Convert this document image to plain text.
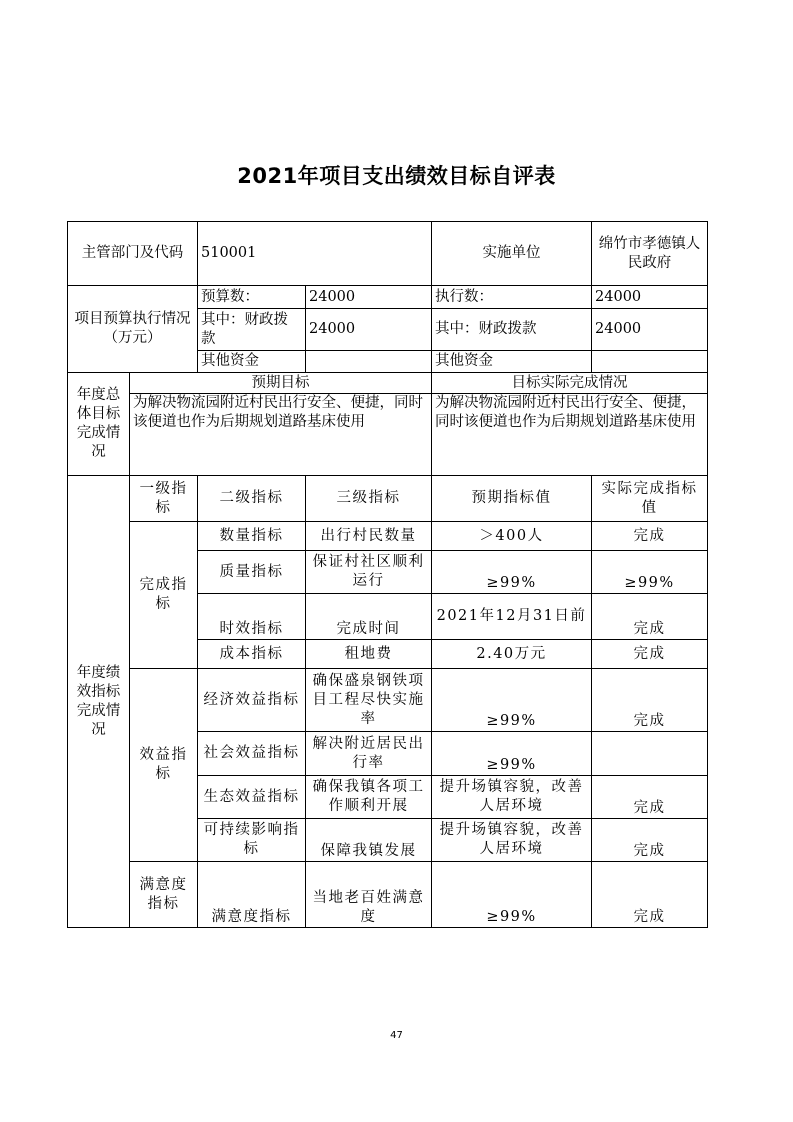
2021年项目支出绩效目标自评表
主管部门及代码		510001		实施单位	绵竹市孝德镇人民政府
项目预算执行情况（万元）		预算数：	24000	执行数：	24000
		其中：财政拨款	24000	其中：财政拨款	24000
		其他资金		其他资金	
年度总体目标完成情况	预期目标			目标实际完成情况	
	为解决物流园附近村民出行安全、便捷，同时该便道也作为后期规划道路基床使用			为解决物流园附近村民出行安全、便捷，同时该便道也作为后期规划道路基床使用	
年度绩效指标完成情况	一级指标	二级指标	三级指标	预期指标值	实际完成指标值
	完成指标	数量指标	出行村民数量	＞400人	完成
		质量指标	保证村社区顺利运行	≥99%	≥99%
		时效指标	完成时间	2021年12月31日前	完成
		成本指标	租地费	2.40万元	完成
	效益指标	经济效益指标	确保盛泉钢铁项目工程尽快实施率	≥99%	完成
		社会效益指标	解决附近居民出行率	≥99%	
		生态效益指标	确保我镇各项工作顺利开展	提升场镇容貌，改善人居环境	完成
		可持续影响指标	保障我镇发展	提升场镇容貌，改善人居环境	完成
	满意度指标	满意度指标	当地老百姓满意度	≥99%	完成
47
